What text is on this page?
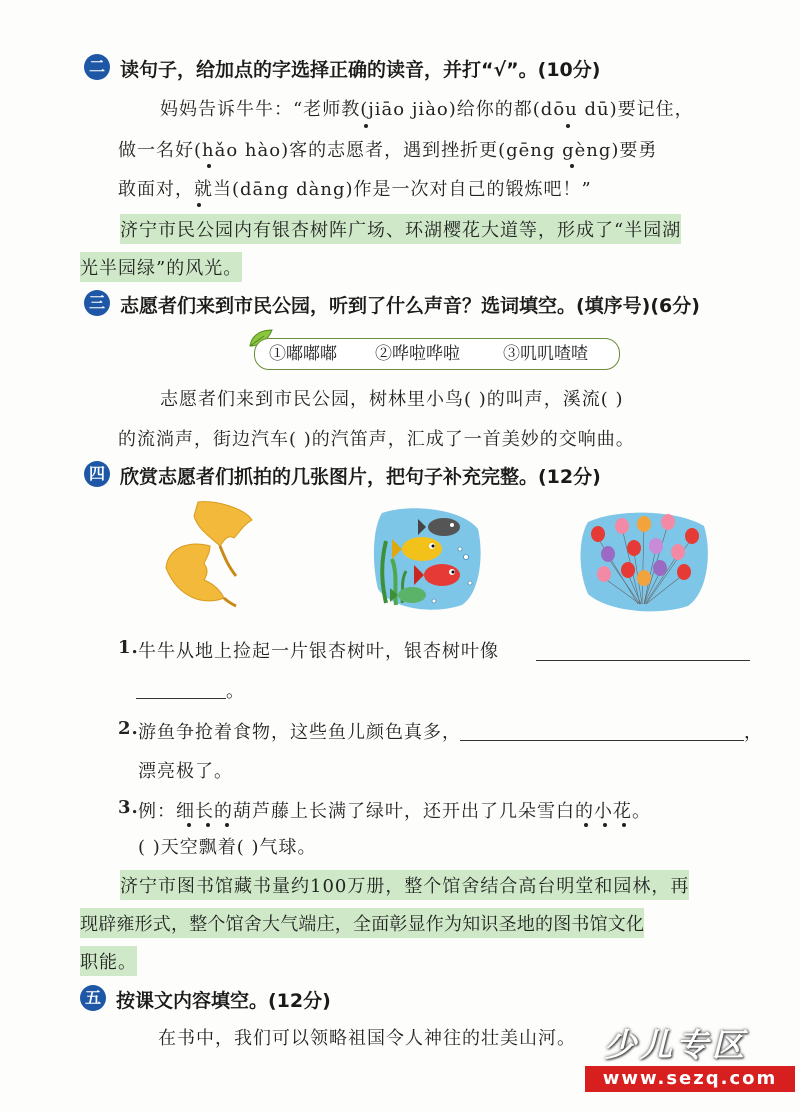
二 读句子，给加点的字选择正确的读音，并打“√”。(10分)
妈妈告诉牛牛：“老师教(jiāo jiào)给你的都(dōu dū)要记住，
做一名好(hǎo hào)客的志愿者，遇到挫折更(gēng gèng)要勇
敢面对，就当(dāng dàng)作是一次对自己的锻炼吧！”
济宁市民公园内有银杏树阵广场、环湖樱花大道等，形成了“半园湖
光半园绿”的风光。
三 志愿者们来到市民公园，听到了什么声音？选词填空。(填序号)(6分)
①嘟嘟嘟 ②哗啦哗啦	③叽叽喳喳
志愿者们来到市民公园，树林里小鸟( )的叫声，溪流( )
的流淌声，街边汽车( )的汽笛声，汇成了一首美妙的交响曲。
四 欣赏志愿者们抓拍的几张图片，把句子补充完整。(12分)
1. 牛牛从地上捡起一片银杏树叶，银杏树叶像
。
2. 游鱼争抢着食物，这些鱼儿颜色真多，	，
漂亮极了。
3. 例：细长的葫芦藤上长满了绿叶，还开出了几朵雪白的小花。
( )天空飘着( )气球。
济宁市图书馆藏书量约100万册，整个馆舍结合高台明堂和园林，再
现辟雍形式，整个馆舍大气端庄，全面彰显作为知识圣地的图书馆文化
职能。
五 按课文内容填空。(12分)
在书中，我们可以领略祖国令人神往的壮美山河。 少儿专区
www.sezq.com
